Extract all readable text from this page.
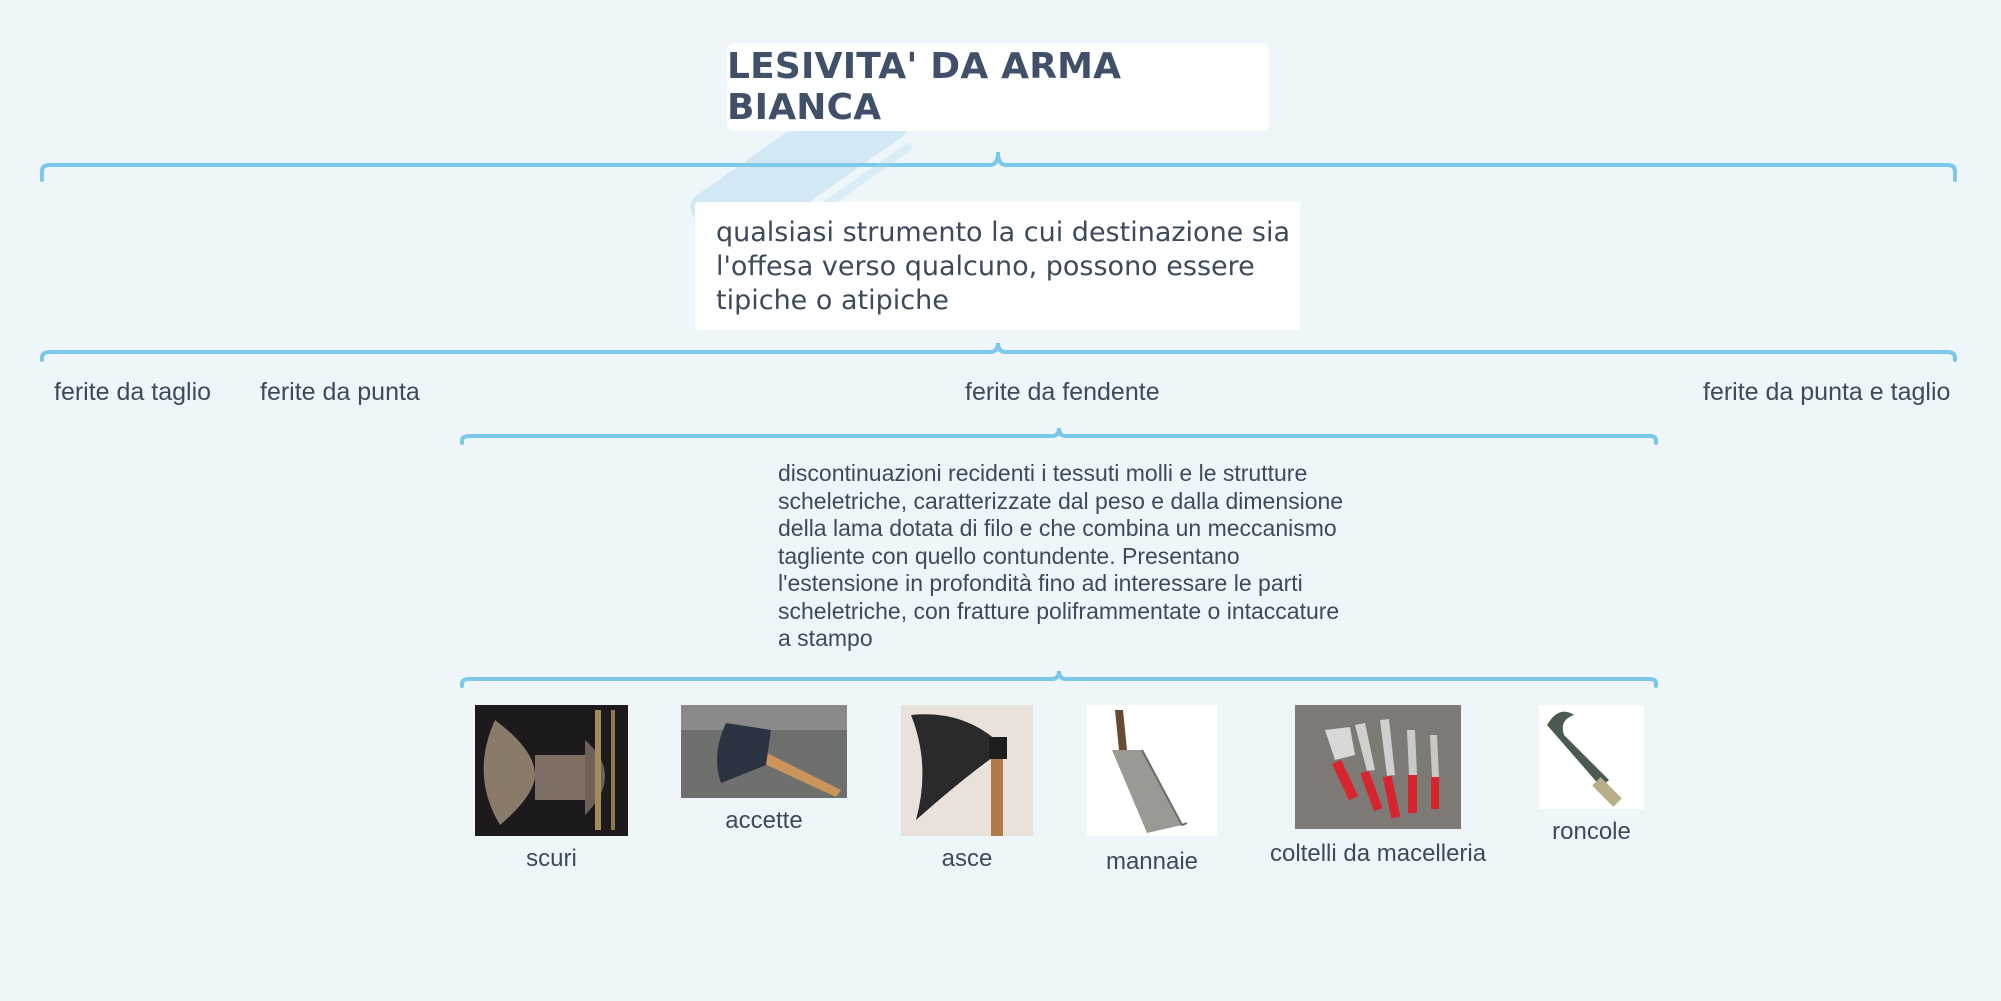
LESIVITA' DA ARMA BIANCA
qualsiasi strumento la cui destinazione sia l'offesa verso qualcuno, possono essere tipiche o atipiche
ferite da taglio ferite da punta	ferite da fendente	ferite da punta e taglio
discontinuazioni recidenti i tessuti molli e le strutture scheletriche, caratterizzate dal peso e dalla dimensione della lama dotata di filo e che combina un meccanismo tagliente con quello contundente. Presentano l'estensione in profondità fino ad interessare le parti scheletriche, con fratture poliframmentate o intaccature a stampo
scuri
accette
asce	mannaie	coltelli da macelleria
roncole
